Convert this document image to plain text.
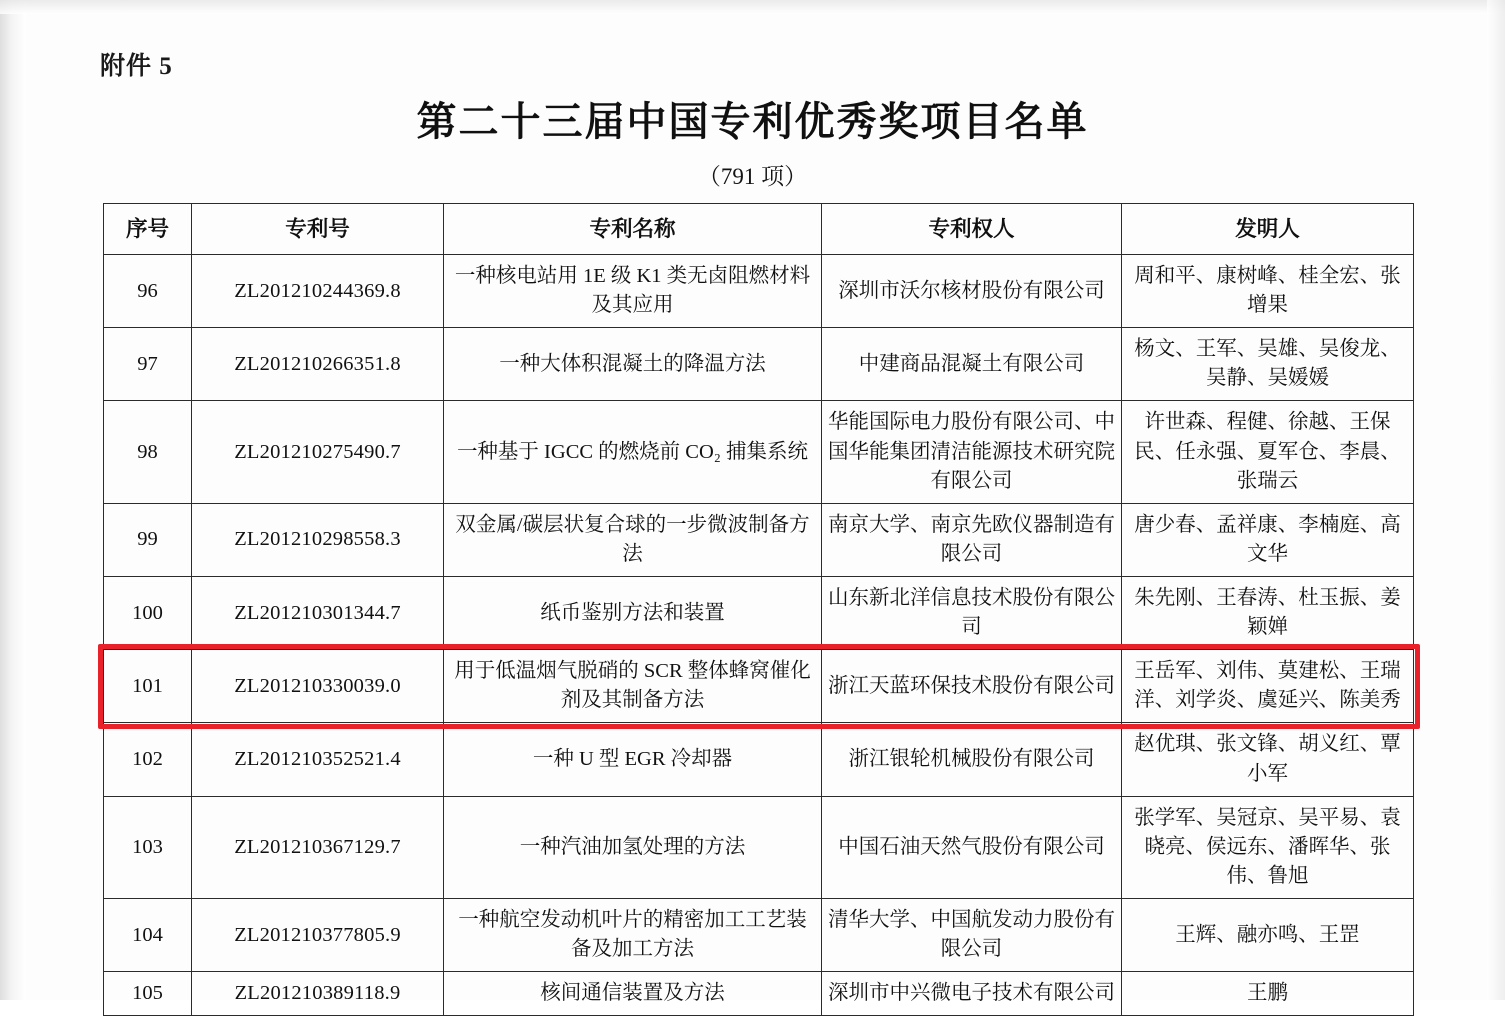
附件 5
第二十三届中国专利优秀奖项目名单
（791 项）
序号	专利号	专利名称	专利权人	发明人
96	ZL201210244369.8	一种核电站用 1E 级 K1 类无卤阻燃材料及其应用	深圳市沃尔核材股份有限公司	周和平、康树峰、桂全宏、张增果
97	ZL201210266351.8	一种大体积混凝土的降温方法	中建商品混凝土有限公司	杨文、王军、吴雄、吴俊龙、吴静、吴媛媛
98	ZL201210275490.7	一种基于 IGCC 的燃烧前 CO₂ 捕集系统	华能国际电力股份有限公司、中国华能集团清洁能源技术研究院有限公司	许世森、程健、徐越、王保民、任永强、夏军仓、李晨、张瑞云
99	ZL201210298558.3	双金属/碳层状复合球的一步微波制备方法	南京大学、南京先欧仪器制造有限公司	唐少春、孟祥康、李楠庭、高文华
100	ZL201210301344.7	纸币鉴别方法和装置	山东新北洋信息技术股份有限公司	朱先刚、王春涛、杜玉振、姜颖婵
101	ZL201210330039.0	用于低温烟气脱硝的 SCR 整体蜂窝催化剂及其制备方法	浙江天蓝环保技术股份有限公司	王岳军、刘伟、莫建松、王瑞洋、刘学炎、虞延兴、陈美秀
102	ZL201210352521.4	一种 U 型 EGR 冷却器	浙江银轮机械股份有限公司	赵优琪、张文锋、胡义红、覃小军
103	ZL201210367129.7	一种汽油加氢处理的方法	中国石油天然气股份有限公司	张学军、吴冠京、吴平易、袁晓亮、侯远东、潘晖华、张伟、鲁旭
104	ZL201210377805.9	一种航空发动机叶片的精密加工工艺装备及加工方法	清华大学、中国航发动力股份有限公司	王辉、融亦鸣、王罡
105	ZL201210389118.9	核间通信装置及方法	深圳市中兴微电子技术有限公司	王鹏
